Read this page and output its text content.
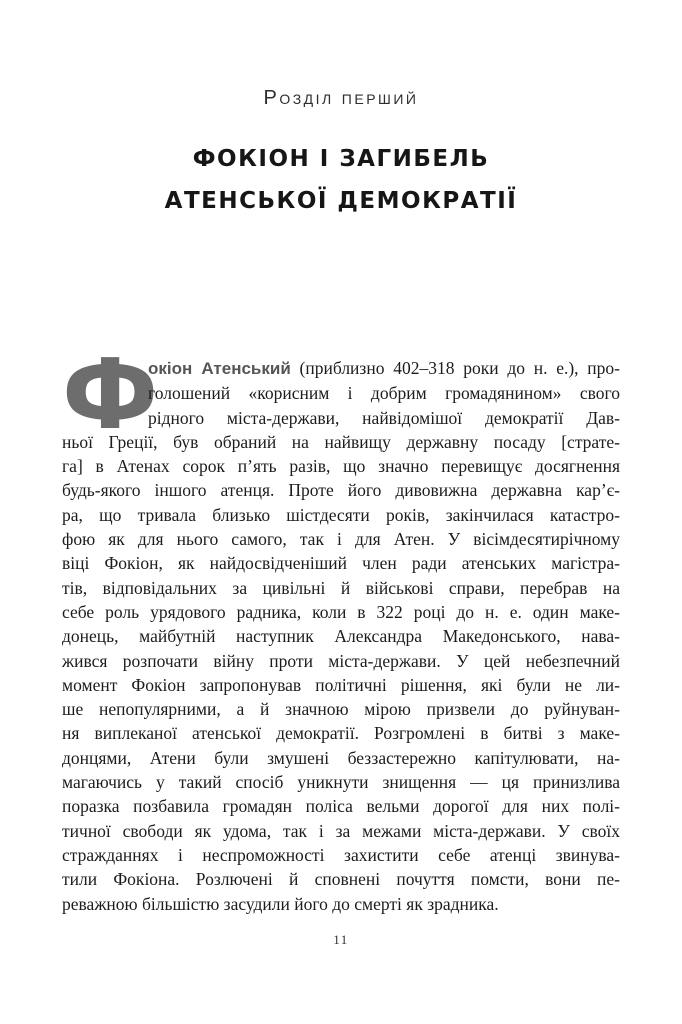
Розділ перший
ФОКІОН І ЗАГИБЕЛЬ
АТЕНСЬКОЇ ДЕМОКРАТІЇ
Ф
окіон Атенський (приблизно 402–318 роки до н. е.), про-
голошений «корисним і добрим громадянином» свого
рідного міста-держави, найвідомішої демократії Дав-
ньої Греції, був обраний на найвищу державну посаду [страте-
га] в Атенах сорок п’ять разів, що значно перевищує досягнення
будь-якого іншого атенця. Проте його дивовижна державна кар’є-
ра, що тривала близько шістдесяти років, закінчилася катастро-
фою як для нього самого, так і для Атен. У вісімдесятирічному
віці Фокіон, як найдосвідченіший член ради атенських магістра-
тів, відповідальних за цивільні й військові справи, перебрав на
себе роль урядового радника, коли в 322 році до н. е. один маке-
донець, майбутній наступник Александра Македонського, нава-
жився розпочати війну проти міста-держави. У цей небезпечний
момент Фокіон запропонував політичні рішення, які були не ли-
ше непопулярними, а й значною мірою призвели до руйнуван-
ня виплеканої атенської демократії. Розгромлені в битві з маке-
донцями, Атени були змушені беззастережно капітулювати, на-
магаючись у такий спосіб уникнути знищення — ця принизлива
поразка позбавила громадян поліса вельми дорогої для них полі-
тичної свободи як удома, так і за межами міста-держави. У своїх
стражданнях і неспроможності захистити себе атенці звинува-
тили Фокіона. Розлючені й сповнені почуття помсти, вони пе-
реважною більшістю засудили його до смерті як зрадника.
11
